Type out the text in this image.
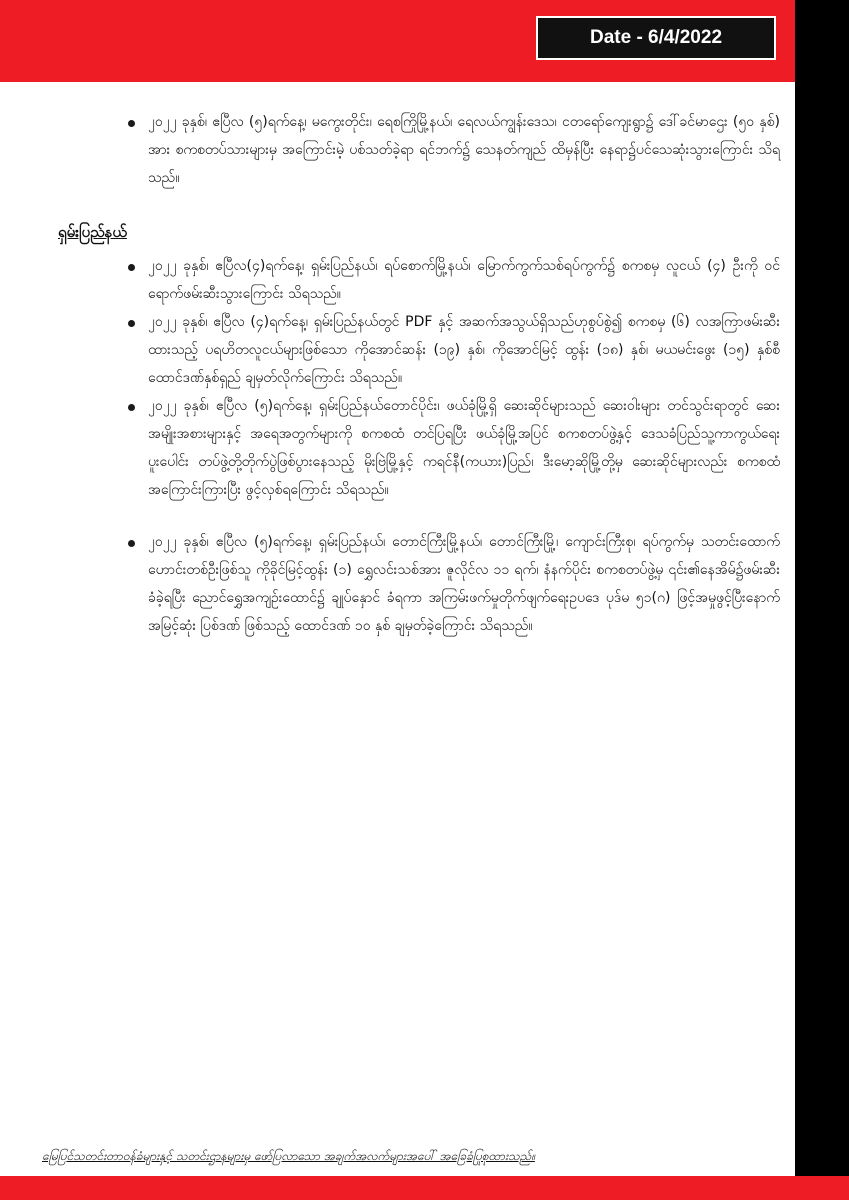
Date - 6/4/2022
၂၀၂၂ ခုနှစ်၊ ဧပြီလ (၅)ရက်နေ့၊ မကွေးတိုင်း၊ ရေစကြိုမြို့နယ်၊ ရေလယ်ကျွန်းဒေသ၊ ငတရော်ကျေးရွာ၌ ဒေါ်ခင်မာဌေး (၅၀ နှစ်) အား စကစတပ်သားများမှ အကြောင်းမဲ့ ပစ်သတ်ခဲ့ရာ ရင်ဘက်၌ သေနတ်ကျည် ထိမှန်ပြီး နေရာ၌ပင်သေဆုံးသွားကြောင်း သိရသည်။
ရှမ်းပြည်နယ်
၂၀၂၂ ခုနှစ်၊ ဧပြီလ(၄)ရက်နေ့၊ ရှမ်းပြည်နယ်၊ ရပ်စောက်မြို့နယ်၊ မြောက်ကွက်သစ်ရပ်ကွက်၌ စကစမှ လူငယ် (၄) ဦးကို ဝင်ရောက်ဖမ်းဆီးသွားကြောင်း သိရသည်။
၂၀၂၂ ခုနှစ်၊ ဧပြီလ (၄)ရက်နေ့၊ ရှမ်းပြည်နယ်တွင် PDF နှင့် အဆက်အသွယ်ရှိသည်ဟုစွပ်စွဲ၍ စကစမှ (၆) လအကြာဖမ်းဆီးထားသည့် ပရဟိတလူငယ်များဖြစ်သော ကိုအောင်ဆန်း (၁၉) နှစ်၊ ကိုအောင်မြင့် ထွန်း (၁၈) နှစ်၊ မယမင်းဖွေး (၁၅) နှစ်စီ ထောင်ဒဏ်နှစ်ရှည် ချမှတ်လိုက်ကြောင်း သိရသည်။
၂၀၂၂ ခုနှစ်၊ ဧပြီလ (၅)ရက်နေ့၊ ရှမ်းပြည်နယ်တောင်ပိုင်း၊ ဖယ်ခုံမြို့ရှိ ဆေးဆိုင်များသည် ဆေးဝါးများ တင်သွင်းရာတွင် ဆေးအမျိုးအစားများနှင့် အရေအတွက်များကို စကစထံ တင်ပြရပြီး ဖယ်ခုံမြို့အပြင် စကစတပ်ဖွဲ့နှင့် ဒေသခံပြည်သူ့ကာကွယ်ရေး ပူးပေါင်း တပ်ဖွဲ့တို့တိုက်ပွဲဖြစ်ပွားနေသည့် မိုးဗြဲမြို့နှင့် ကရင်နီ(ကယား)ပြည်၊ ဒီးမော့ဆိုမြို့တို့မှ ဆေးဆိုင်များလည်း စကစထံ အကြောင်းကြားပြီး ဖွင့်လှစ်ရကြောင်း သိရသည်။
၂၀၂၂ ခုနှစ်၊ ဧပြီလ (၅)ရက်နေ့၊ ရှမ်းပြည်နယ်၊ တောင်ကြီးမြို့နယ်၊ တောင်ကြီးမြို့၊ ကျောင်းကြီးစု၊ ရပ်ကွက်မှ သတင်းထောက်ဟောင်းတစ်ဦးဖြစ်သူ ကိုခိုင်မြင့်ထွန်း (၁) ရွှေလင်းသစ်အား ဇူလိုင်လ ၁၁ ရက်၊ နံနက်ပိုင်း စကစတပ်ဖွဲ့မှ ၎င်း၏နေအိမ်၌ဖမ်းဆီးခံခဲ့ရပြီး ညောင်ရွှေအကျဉ်းထောင်၌ ချုပ်နှောင် ခံရကာ အကြမ်းဖက်မှုတိုက်ဖျက်ရေးဥပဒေ ပုဒ်မ ၅၁(ဂ) ဖြင့်အမှုဖွင့်ပြီးနောက် အမြင့်ဆုံး ပြစ်ဒဏ် ဖြစ်သည့် ထောင်ဒဏ် ၁၀ နှစ် ချမှတ်ခဲ့ကြောင်း သိရသည်။
မြေပြင်သတင်းတာဝန်ခံများနှင့် သတင်းဌာနများမှ ဖော်ပြလာသော အချက်အလက်များအပေါ် အခြေခံပြုစုထားသည်။
